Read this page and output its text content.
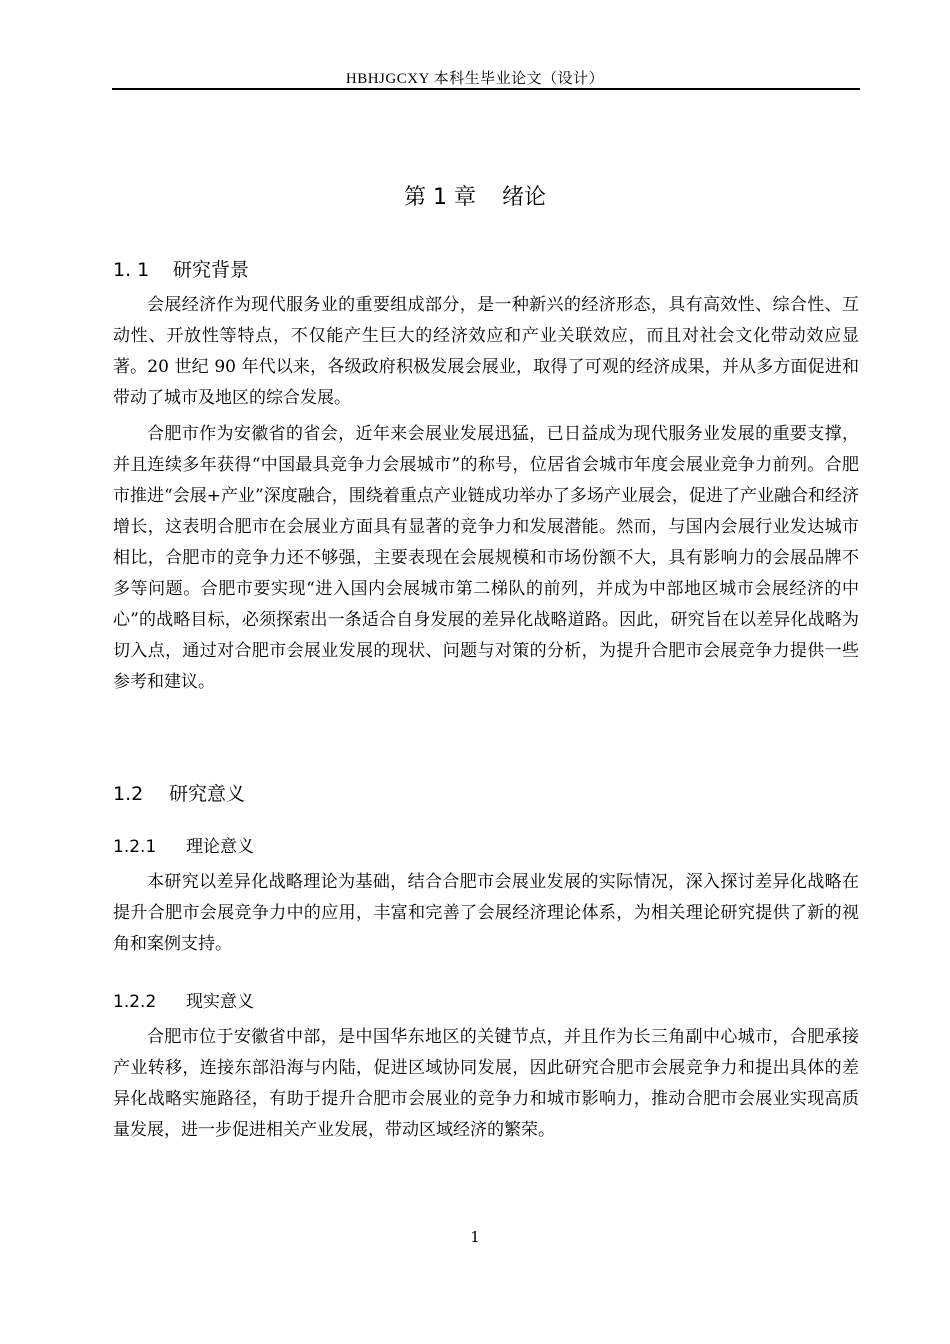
HBHJGCXY 本科生毕业论文（设计）
第 1 章 绪论
1. 1 研究背景

会展经济作为现代服务业的重要组成部分，是一种新兴的经济形态，具有高效性、综合性、互动性、开放性等特点，不仅能产生巨大的经济效应和产业关联效应，而且对社会文化带动效应显著。20 世纪 90 年代以来，各级政府积极发展会展业，取得了可观的经济成果，并从多方面促进和带动了城市及地区的综合发展。

合肥市作为安徽省的省会，近年来会展业发展迅猛，已日益成为现代服务业发展的重要支撑，并且连续多年获得“中国最具竞争力会展城市”的称号，位居省会城市年度会展业竞争力前列。合肥市推进“会展+产业”深度融合，围绕着重点产业链成功举办了多场产业展会，促进了产业融合和经济增长，这表明合肥市在会展业方面具有显著的竞争力和发展潜能。然而，与国内会展行业发达城市相比，合肥市的竞争力还不够强，主要表现在会展规模和市场份额不大，具有影响力的会展品牌不多等问题。合肥市要实现“进入国内会展城市第二梯队的前列，并成为中部地区城市会展经济的中心”的战略目标，必须探索出一条适合自身发展的差异化战略道路。因此，研究旨在以差异化战略为切入点，通过对合肥市会展业发展的现状、问题与对策的分析，为提升合肥市会展竞争力提供一些参考和建议。

1.2 研究意义
1.2.1 理论意义

本研究以差异化战略理论为基础，结合合肥市会展业发展的实际情况，深入探讨差异化战略在提升合肥市会展竞争力中的应用，丰富和完善了会展经济理论体系，为相关理论研究提供了新的视角和案例支持。

1.2.2 现实意义

合肥市位于安徽省中部，是中国华东地区的关键节点，并且作为长三角副中心城市，合肥承接产业转移，连接东部沿海与内陆，促进区域协同发展，因此研究合肥市会展竞争力和提出具体的差异化战略实施路径，有助于提升合肥市会展业的竞争力和城市影响力，推动合肥市会展业实现高质量发展，进一步促进相关产业发展，带动区域经济的繁荣。

1
